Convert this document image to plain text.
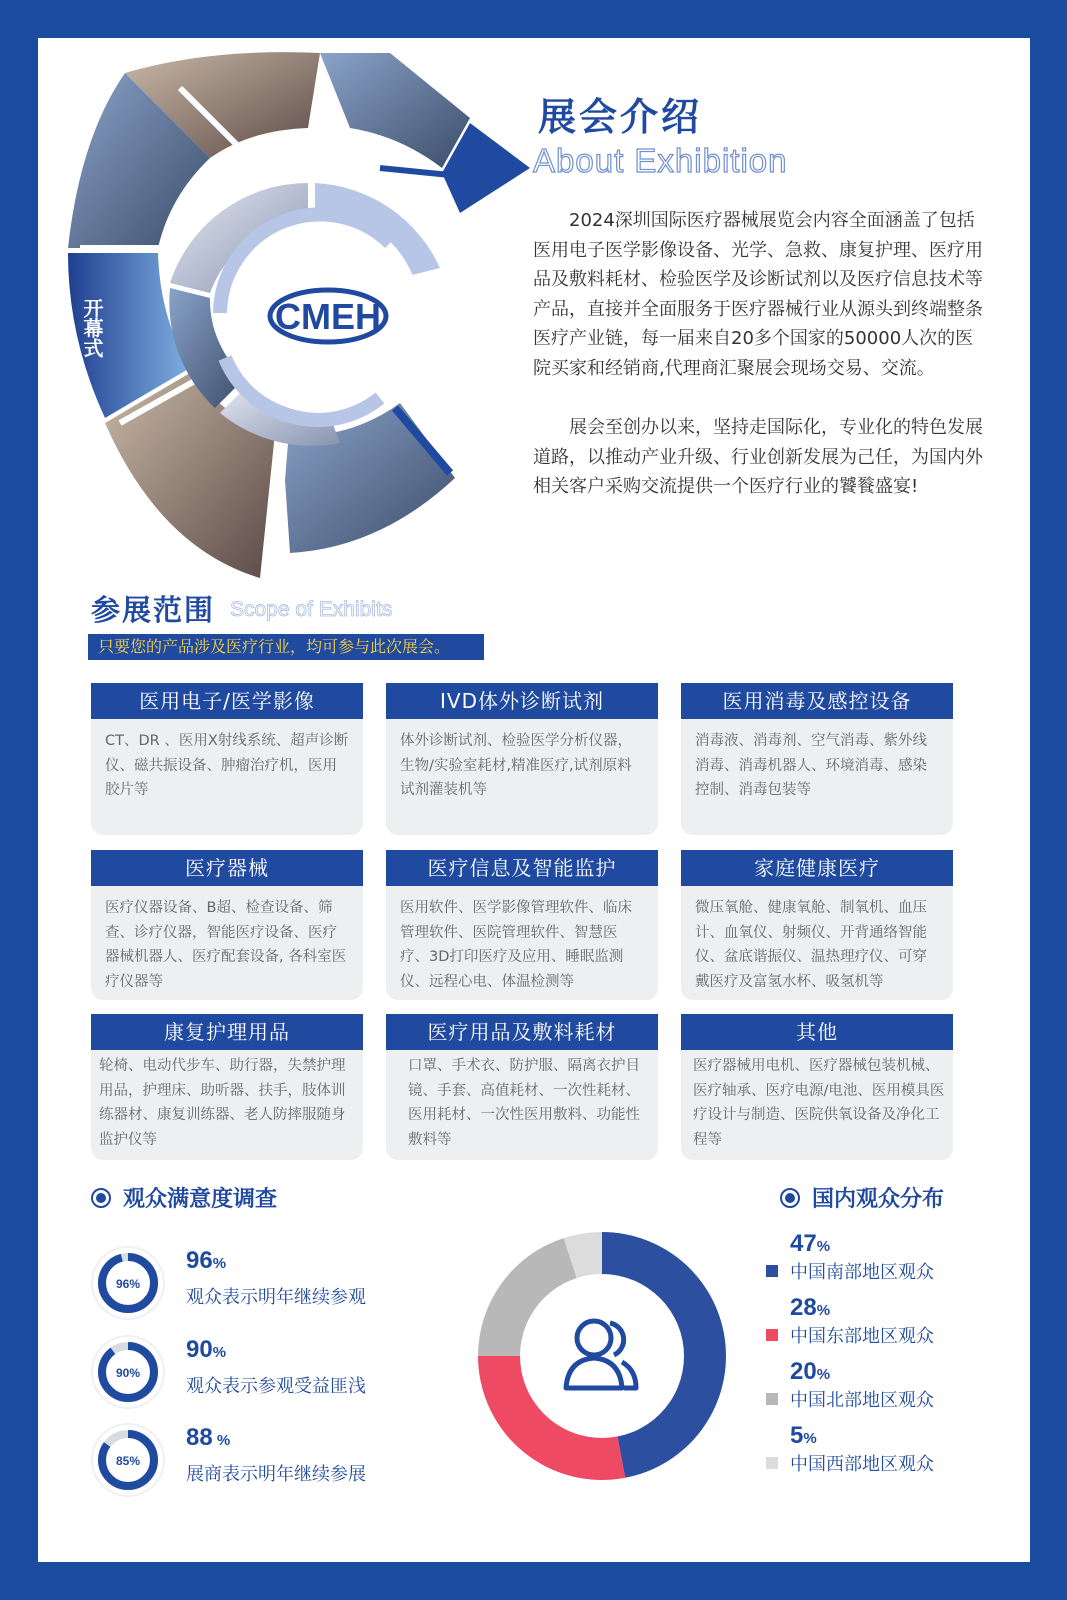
CMEH
开幕式
展会介绍
About Exhibition

2024深圳国际医疗器械展览会内容全面涵盖了包括医用电子医学影像设备、光学、急救、康复护理、医疗用品及敷料耗材、检验医学及诊断试剂以及医疗信息技术等产品，直接并全面服务于医疗器械行业从源头到终端整条医疗产业链，每一届来自20多个国家的50000人次的医院买家和经销商,代理商汇聚展会现场交易、交流。

展会至创办以来，坚持走国际化，专业化的特色发展道路，以推动产业升级、行业创新发展为己任，为国内外相关客户采购交流提供一个医疗行业的饕餮盛宴!

参展范围 Scope of Exhibits
只要您的产品涉及医疗行业，均可参与此次展会。
医用电子/医学影像
CT、DR 、医用X射线系统、超声诊断仪、磁共振设备、肿瘤治疗机，医用胶片等
IVD体外诊断试剂
体外诊断试剂、检验医学分析仪器，生物/实验室耗材,精准医疗,试剂原料试剂灌装机等
医用消毒及感控设备
消毒液、消毒剂、空气消毒、紫外线消毒、消毒机器人、环境消毒、感染控制、消毒包装等
医疗器械
医疗仪器设备、B超、检查设备、筛查、诊疗仪器，智能医疗设备、医疗器械机器人、医疗配套设备, 各科室医疗仪器等
医疗信息及智能监护
医用软件、医学影像管理软件、临床管理软件、医院管理软件、智慧医疗、3D打印医疗及应用、睡眠监测仪、远程心电、体温检测等
家庭健康医疗
微压氧舱、健康氧舱、制氧机、血压计、血氧仪、射频仪、开背通络智能仪、盆底谐振仪、温热理疗仪、可穿戴医疗及富氢水杯、吸氢机等
康复护理用品
轮椅、电动代步车、助行器，失禁护理用品，护理床、助听器、扶手，肢体训练器材、康复训练器、老人防摔服随身监护仪等
医疗用品及敷料耗材
口罩、手术衣、防护服、隔离衣护目镜、手套、高值耗材、一次性耗材、医用耗材、一次性医用敷料、功能性敷料等
其他
医疗器械用电机、医疗器械包装机械、医疗轴承、医疗电源/电池、医用模具医疗设计与制造、医院供氧设备及净化工程等
观众满意度调查
96%
96%
观众表示明年继续参观
90%
90%
观众表示参观受益匪浅
85%
88 %
展商表示明年继续参展
国内观众分布
47%
中国南部地区观众
28%
中国东部地区观众
20%
中国北部地区观众
5%
中国西部地区观众
